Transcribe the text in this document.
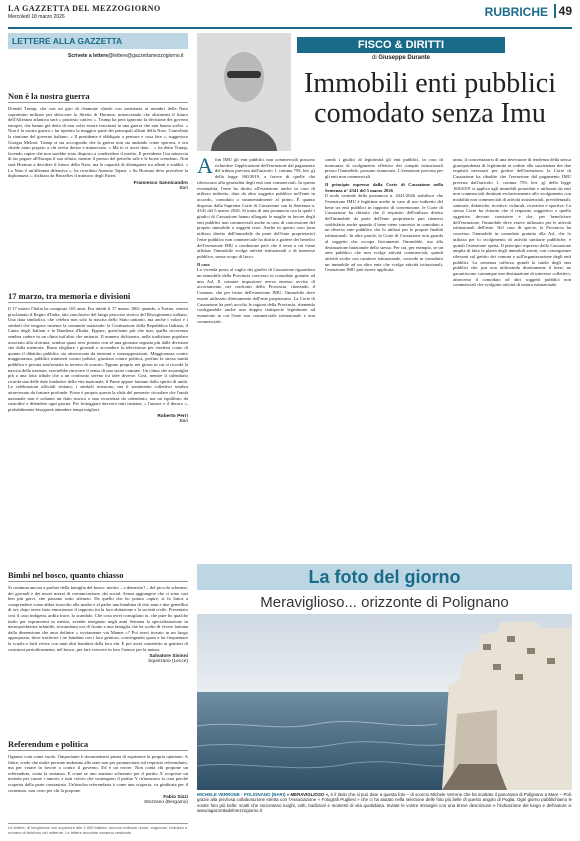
LA GAZZETTA DEL MEZZOGIORNO
Mercoledì 18 marzo 2026	RUBRICHE 49
LETTERE ALLA GAZZETTA
Scrivete a lettere@lettere@gazzettamezzogiorno.it
Non è la nostra guerra
Donald Trump, che con un giro di chiamate chiede con insistenza ai membri della Nato soprattutto militare per sbloccare lo Stretto di Hormuz, minacciando che altrimenti il futuro dell'Alleanza atlantica sarà « piuttosto cattivo ». Trump ha però ignorato la decisione dei governi europei, che hanno già detto di non voler essere trascinati in una guerra che non hanno scelto. « Non è la nostra guerra » ha ripetuto la maggior parte dei principali alleati della Nato. Cancellata la riunione del governo italiano. « Il presidente è obbligato a pensare e cosa fare », suggerisce Giorgia Meloni. Trump si sta accorgendo che la guerra non sta andando come sperava, e ora chiede aiuto proprio a chi aveva deriso e minacciato. « Ma io ci avrei dato… » ha detto Trump, facendo capire che non sarebbe stato disposto a condividere il merito. Il presidente Usa minaccia di far pagare all'Europa il suo rifiuto, mentre il prezzo del petrolio sale e le borse scendono. Non sarà Hormuz a decidere il futuro della Nato, ma la capacità di distinguere tra alleati e sudditi. « La Nato è un'alleanza difensiva », ha ricordato Antonio Tajani. « Su Hormuz deve prevalere la diplomazia », dichiara da Bruxelles il ministro degli Esteri.
Francesco Sannicandro
Bari
17 marzo, tra memoria e divisioni
Il 17 marzo l'Italia ha compiuto 165 anni. Era infatti il 17 marzo 1861 quando, a Torino, veniva proclamato il Regno d'Italia, atto conclusivo del lungo percorso storico del Risorgimento italiano. Una data simbolica, che celebra non solo la nascita dello Stato unitario, ma anche i valori e i simboli che tengono insieme la comunità nazionale: la Costituzione della Repubblica Italiana, il Canto degli Italiani e la Bandiera d'Italia. Eppure, quest'anno più che mai, quella ricorrenza sembra cadere in un clima tutt'altro che unitario. Il numero dichiarato, nella tradizione popolare associato alla sfortuna, sembra quasi aver portato con sé una giornata segnata più dalle divisioni che dalla memoria. Basta sfogliare i giornali o accendere la televisione per rendersi conto di quanto il dibattito pubblico sia attraversato da tensioni e contrapposizioni. Maggioranza contro maggioranza, pubblici ministeri contro politici, giustizia contro politica, perfino la stessa sanità pubblica e privata trasformata in terreno di scontro. Eppure proprio nei giorni in cui si ricorda la nascita della nazione, servirebbe ritrovare il senso di una storia comune. Un clima che assomiglia più a una lotta tribale che a un confronto sereno tra idee diverse. Così, mentre il calendario ricorda una delle date fondative della vita nazionale, il Paese appare lontano dallo spirito di unità. Le celebrazioni ufficiali restano, i simboli resistono, ma il sentimento collettivo sembra attraversato da fratture profonde. Forse è proprio questa la sfida del presente: ricordare che l'unità nazionale non è soltanto un fatto storico o una ricorrenza da calendario, ma un equilibrio da custodire e difendere ogni giorno. Per festeggiare davvero tutti insieme, « l'amore e il decoro », probabilmente bisognerà attendere tempi migliori.
Roberto Perri
Bari
Bimbi nel bosco, quanto chiasso
Si continua ancora a parlare della famiglia del bosco: merito – o demerito? – del piccolo schermo, dei giornali e dei nuovi mezzi di comunicazione, dei social. Senza aggiungere che ci sono casi ben più gravi, che passano sotto silenzio. Da quello che ho potuto capire, si fa fatica a comprendere come abbia stravolto alla madre e al padre una bambina di otto anni e due gemellini di sei, dopo avere fatto emozionare il rapporto tra la loro abitazione e la società civile. Presentato così il caso indigena, ardita truce, lo scandalo. Che cosa avrei consigliato io, che pure ho qualche titolo per esprimermi in merito, avendo insegnato negli anni Settanta la specializzazione in neuropsichiatria infantile, trovandomi ora di fronte a una famiglia che ha scelto di vivere lontana dalla dimensione che ama definire « ovviamente via Manne »? Poi avrei trovato in un luogo appropriato, dove trasferire i tre bambini con i loro genitori, costringendo quasi a far frequentare la scuola e farli vivere con tanti altri bambini della loro età. E poi avrei consentito ai genitori di costruirsi periodicamente, nel bosco, per fare crescere in loro l'amore per la natura.
Salvatore Sisinni
Squinzano (Lecce)
Referendum e politica
Ognuno vota come vuole, l'importante è documentarsi prima di esprimere la propria opinione. A finire, credo che molte persone andranno alle urne non per pronunciarsi sul requisito referendario, ma per votare in favore o contro il governo. Ed è un errore. Non conta chi propone un referendum, conta la sostanza. E come se uno anziano scherzato per il partito X scoprisse un metodo per curare i tumori, e tutti coloro che sostengono il partito Y rifiutassero la cura perché scoperta dalla parte contrastata. Un'insulsa referendaria è come una scoperta, va giudicata per il contenuto, non certo per chi la propone.
Fabio Sizzi
Stezzano (Bergamo)
Le lettere, di lunghezza non superiore alle 1.000 battute, devono indicare nome, cognome, indirizzo e numero di telefono del mittente. Le lettere anonime saranno cestinate.
FISCO & DIRITTI
di Giuseppe Durante
Immobili enti pubblici
comodato senza Imu
A fini IMU gli enti pubblici non commerciali possono richiedere l'applicazione dell'esenzione dal pagamento del tributo prevista dall'articolo 1, comma 759, lett. g) della legge 160/2019, a favore di quelle che riferiscono alla generalità degli enti non commerciali. In questa eventualità, l'ente ha diritto all'esenzione anche in caso di utilizzo indiretto, dato da altro soggetto pubblico nell'ente in accordo, comodato o strumentalmente al primo. È quanto disposto dalla Suprema Corte di Cassazione con la Sentenza n. 4341 del 5 marzo 2026. Si tratta di una pronuncia con la quale i giudici di Cassazione hanno allargato le maglie in favore degli enti pubblici non commerciali anche in caso di concessione del proprio immobile a soggetti terzi. Anche in questo caso (non utilizzo diretto dell'immobile da parte dell'ente proprietario) l'ente pubblico non commerciale ha diritto a godere dei benefici dell'esenzione IMU a condizione però che il terzo a cui viene affidato l'immobile svolga attività istituzionali o di interesse pubblico, senza scopo di lucro.

Il caso

La vicenda posta al vaglio dei giudici di Cassazione riguardava un immobile della Provincia concesso in comodato gratuito ad una Asl. Il comune impositore aveva emesso avviso di accertamento nei confronti della Provincia, ritenendo il Comune, che per fruire dell'esenzione IMU, l'immobile deve essere utilizzato direttamente dall'ente proprietario. La Corte di Cassazione ha però accolto le ragioni della Provincia, ritenendo configurabile anche una doppia fattispecie legittimato ad esenzione in cui l'ente non commerciale istituzionale e non commerciale.

cando i giudici di legittimità gli enti pubblici, in caso di mancanza di svolgimento effettivo dei compiti istituzionali presso l'immobile, possono esonerarsi. L'esenzione prevista per gli enti non commerciali.

Il principio espresso dalla Corte di Cassazione nella Sentenza n° 4341 del 5 marzo 2026

Il nodo centrale della pronuncia n. 4341/2026 stabilisce che l'esenzione IMU è legittima anche in caso di uso indiretto del bene tra enti pubblici in rapporto di convenzione, le Corte di Cassazione ha chiarito che il requisito dell'utilizzo diretto dell'immobile da parte dell'ente proprietario può ritenersi soddisfatto anche quando il bene viene concesso in comodato a un diverso ente pubblico che lo utilizzi per le proprie finalità istituzionali. In altre parole, la Corte di Cassazione non guarda al soggetto che occupa fisicamente l'immobile, ma alla destinazione funzionale dello stesso. Per cui, per esempio, se un ente pubblico che non svolge attività commerciali, quindi attività svolte con carattere istituzionale, concede in comodato un immobile ad un altro ente che svolge attività istituzionali, l'esenzione IMU può essere applicata.

tanto, il concretizzarsi di una inversione di tendenza della stessa giurisprudenza di legittimità in ordine alla sussistenza dei due requisiti necessari per godere dell'esenzione, la Corte di Cassazione ha ribadito che l'esenzione dal pagamento IMU prevista dall'articolo 1, comma 759, lett. g) della legge 160/2019 si applica agli immobili posseduti e utilizzati da enti non commerciali destinati esclusivamente allo svolgimento con modalità non commerciali di attività assistenziali, previdenziali, sanitarie, didattiche, ricettive, culturali, ricreative e sportive. La stessa Corte ha chiarito che il requisito soggettivo e quello oggettivo devono coesistere e che, per beneficiare dell'esenzione, l'immobile deve essere utilizzato per le attività istituzionali dell'ente. Nel caso di specie, la Provincia ha concesso l'immobile in comodato gratuito alla Asl, che lo utilizza per lo svolgimento di attività sanitarie pubbliche, e quindi l'esenzione spetta. Il principio espresso dalla Cassazione amplia di fatto la platea degli immobili esenti, con conseguenze rilevanti sul gettito dei comuni e sull'organizzazione degli enti pubblici. La sentenza rafforza quindi la tutela degli enti pubblici che, pur non utilizzando direttamente il bene, ne garantiscono comunque una destinazione di interesse collettivo, attraverso il comodato ad altri soggetti pubblici non commerciali che svolgono attività di natura istituzionale.

La foto del giorno
Meraviglioso... orizzonte di Polignano
MICHELE VERRONE - POLIGNANO (BARI) « MERAVIGLIOSO », è il titolo che si può dare a questa foto – di scorcio Michele Verrone che ha scattato il panorama di Polignano a Mare – Poli: grazie alla preziosa collaborazione stretta con l'Associazione « Fotografi Pugliesi » che ci ha aiutato nella selezione delle foto più belle di questo angolo di Puglia. Ogni giorno pubblichiamo le vostre foto più belle: scatti che raccontano luoghi, volti, tradizioni e momenti di vita quotidiana. Inviate le vostre immagini con una breve descrizione e l'indicazione del luogo e dell'autore a: www.lagazzettadelmezzogiorno.it
